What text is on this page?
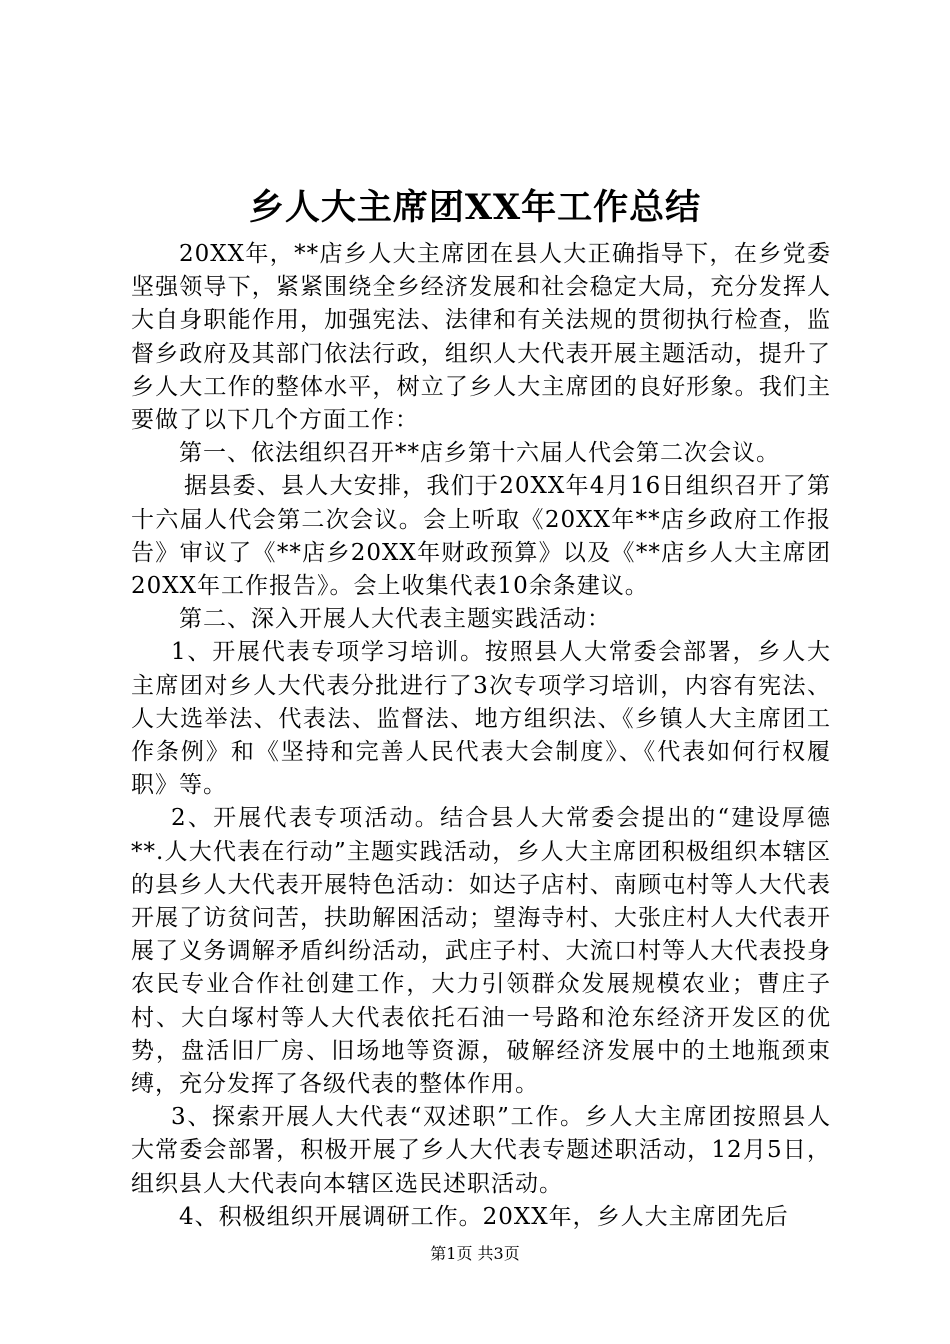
乡人大主席团XX年工作总结

20XX年，**店乡人大主席团在县人大正确指导下，在乡党委坚强领导下，紧紧围绕全乡经济发展和社会稳定大局，充分发挥人大自身职能作用，加强宪法、法律和有关法规的贯彻执行检查，监督乡政府及其部门依法行政，组织人大代表开展主题活动，提升了乡人大工作的整体水平，树立了乡人大主席团的良好形象。我们主要做了以下几个方面工作：

第一、依法组织召开**店乡第十六届人代会第二次会议。

据县委、县人大安排，我们于20XX年4月16日组织召开了第十六届人代会第二次会议。会上听取《20XX年**店乡政府工作报告》审议了《**店乡20XX年财政预算》以及《**店乡人大主席团20XX年工作报告》。会上收集代表10余条建议。

第二、深入开展人大代表主题实践活动：

1、开展代表专项学习培训。按照县人大常委会部署，乡人大主席团对乡人大代表分批进行了3次专项学习培训，内容有宪法、人大选举法、代表法、监督法、地方组织法、《乡镇人大主席团工作条例》和《坚持和完善人民代表大会制度》、《代表如何行权履职》等。

2、开展代表专项活动。结合县人大常委会提出的“建设厚德**.人大代表在行动”主题实践活动，乡人大主席团积极组织本辖区的县乡人大代表开展特色活动：如达子店村、南顾屯村等人大代表开展了访贫问苦，扶助解困活动；望海寺村、大张庄村人大代表开展了义务调解矛盾纠纷活动，武庄子村、大流口村等人大代表投身农民专业合作社创建工作，大力引领群众发展规模农业；曹庄子村、大白塚村等人大代表依托石油一号路和沧东经济开发区的优势，盘活旧厂房、旧场地等资源，破解经济发展中的土地瓶颈束缚，充分发挥了各级代表的整体作用。

3、探索开展人大代表“双述职”工作。乡人大主席团按照县人大常委会部署，积极开展了乡人大代表专题述职活动，12月5日，组织县人大代表向本辖区选民述职活动。

4、积极组织开展调研工作。20XX年，乡人大主席团先后

第1页 共3页
